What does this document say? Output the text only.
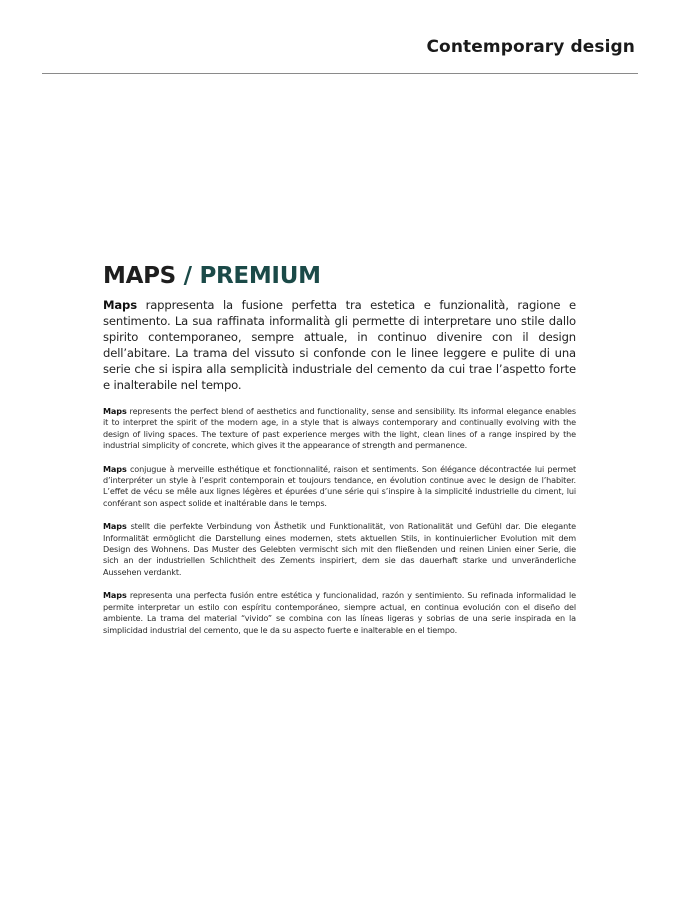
Contemporary design
MAPS / PREMIUM

Maps rappresenta la fusione perfetta tra estetica e funzionalità, ragione e sentimento. La sua raffinata informalità gli permette di interpretare uno stile dallo spirito contemporaneo, sempre attuale, in continuo divenire con il design dell’abitare. La trama del vissuto si confonde con le linee leggere e pulite di una serie che si ispira alla semplicità industriale del cemento da cui trae l’aspetto forte e inalterabile nel tempo.

Maps represents the perfect blend of aesthetics and functionality, sense and sensibility. Its informal elegance enables it to interpret the spirit of the modern age, in a style that is always contemporary and continually evolving with the design of living spaces. The texture of past experience merges with the light, clean lines of a range inspired by the industrial simplicity of concrete, which gives it the appearance of strength and permanence.

Maps conjugue à merveille esthétique et fonctionnalité, raison et sentiments. Son élégance décontractée lui permet d’interpréter un style à l’esprit contemporain et toujours tendance, en évolution continue avec le design de l’habiter. L’effet de vécu se mêle aux lignes légères et épurées d’une série qui s’inspire à la simplicité industrielle du ciment, lui conférant son aspect solide et inaltérable dans le temps.

Maps stellt die perfekte Verbindung von Ästhetik und Funktionalität, von Rationalität und Gefühl dar. Die elegante Informalität ermöglicht die Darstellung eines modernen, stets aktuellen Stils, in kontinuierlicher Evolution mit dem Design des Wohnens. Das Muster des Gelebten vermischt sich mit den fließenden und reinen Linien einer Serie, die sich an der industriellen Schlichtheit des Zements inspiriert, dem sie das dauerhaft starke und unveränderliche Aussehen verdankt.

Maps representa una perfecta fusión entre estética y funcionalidad, razón y sentimiento. Su refinada informalidad le permite interpretar un estilo con espíritu contemporáneo, siempre actual, en continua evolución con el diseño del ambiente. La trama del material “vivido” se combina con las líneas ligeras y sobrias de una serie inspirada en la simplicidad industrial del cemento, que le da su aspecto fuerte e inalterable en el tiempo.
